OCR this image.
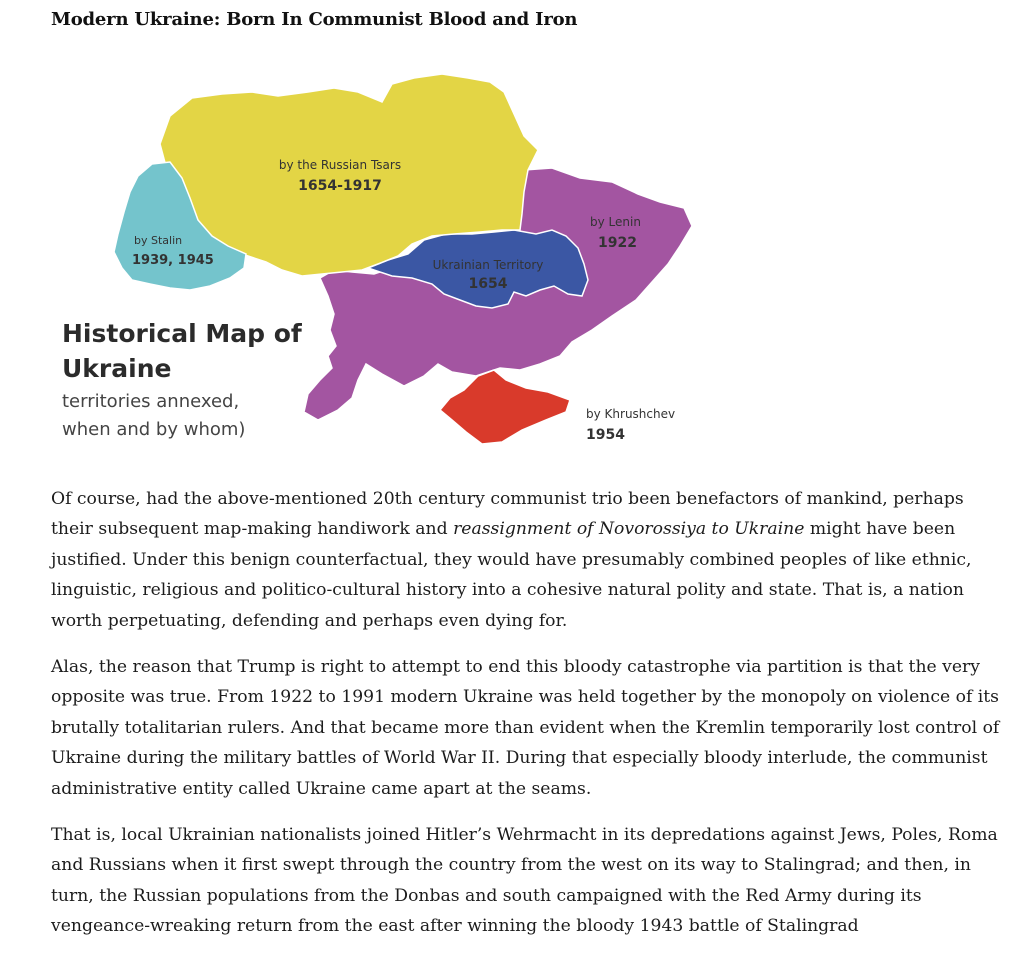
Modern Ukraine: Born In Communist Blood and Iron
by the Russian Tsars
1654-1917
by Stalin
1939, 1945
by Lenin
1922
Ukrainian Territory
1654
by Khrushchev
1954
Historical Map of
Ukraine
territories annexed,
when and by whom)

Of course, had the above-mentioned 20th century communist trio been benefactors of mankind, perhaps their subsequent map-making handiwork and reassignment of Novorossiya to Ukraine might have been justified. Under this benign counterfactual, they would have presumably combined peoples of like ethnic, linguistic, religious and politico-cultural history into a cohesive natural polity and state. That is, a nation worth perpetuating, defending and perhaps even dying for.

Alas, the reason that Trump is right to attempt to end this bloody catastrophe via partition is that the very opposite was true. From 1922 to 1991 modern Ukraine was held together by the monopoly on violence of its brutally totalitarian rulers. And that became more than evident when the Kremlin temporarily lost control of Ukraine during the military battles of World War II. During that especially bloody interlude, the communist administrative entity called Ukraine came apart at the seams.

That is, local Ukrainian nationalists joined Hitler’s Wehrmacht in its depredations against Jews, Poles, Roma and Russians when it first swept through the country from the west on its way to Stalingrad; and then, in turn, the Russian populations from the Donbas and south campaigned with the Red Army during its vengeance-wreaking return from the east after winning the bloody 1943 battle of Stalingrad
